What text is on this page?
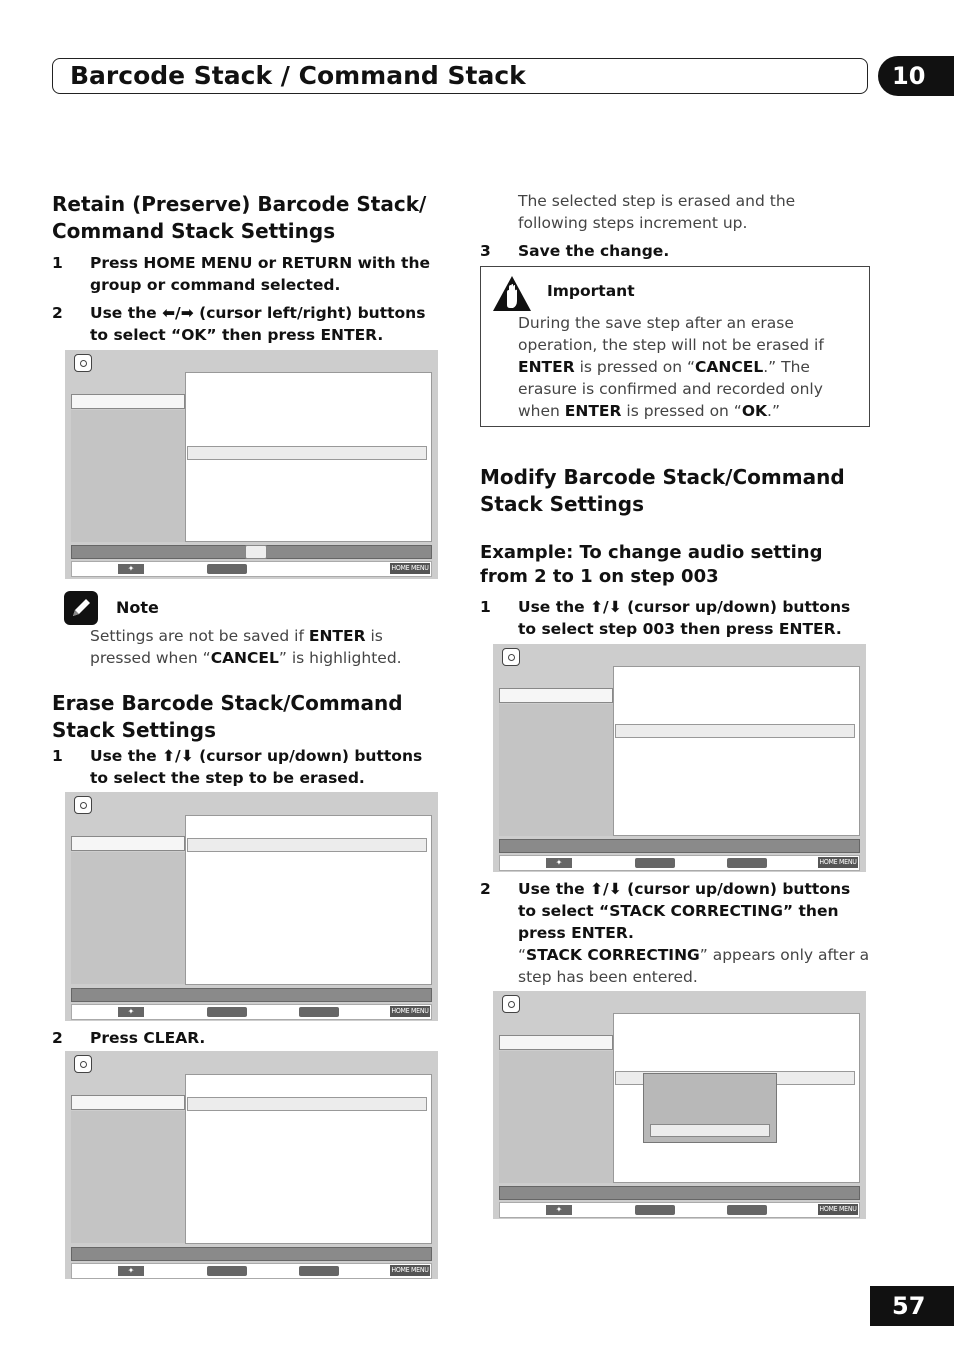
Barcode Stack / Command Stack	10
Retain (Preserve) Barcode Stack/
Command Stack Settings
1 Press HOME MENU or RETURN with the
group or command selected.
2 Use the ⬅/➡ (cursor left/right) buttons
to select “OK” then press ENTER.
✦	HOME MENU
Note
Settings are not be saved if ENTER is
pressed when “CANCEL” is highlighted.
Erase Barcode Stack/Command
Stack Settings
1 Use the ⬆/⬇ (cursor up/down) buttons
to select the step to be erased.
✦	HOME MENU
2 Press CLEAR.
✦	HOME MENU
The selected step is erased and the
following steps increment up.
3 Save the change.
Important
During the save step after an erase
operation, the step will not be erased if
ENTER is pressed on “CANCEL.” The
erasure is confirmed and recorded only
when ENTER is pressed on “OK.”
Modify Barcode Stack/Command
Stack Settings
Example: To change audio setting
from 2 to 1 on step 003
1 Use the ⬆/⬇ (cursor up/down) buttons
to select step 003 then press ENTER.
✦	HOME MENU
2 Use the ⬆/⬇ (cursor up/down) buttons
to select “STACK CORRECTING” then
press ENTER.
“STACK CORRECTING” appears only after a
step has been entered.
✦	HOME MENU
57
